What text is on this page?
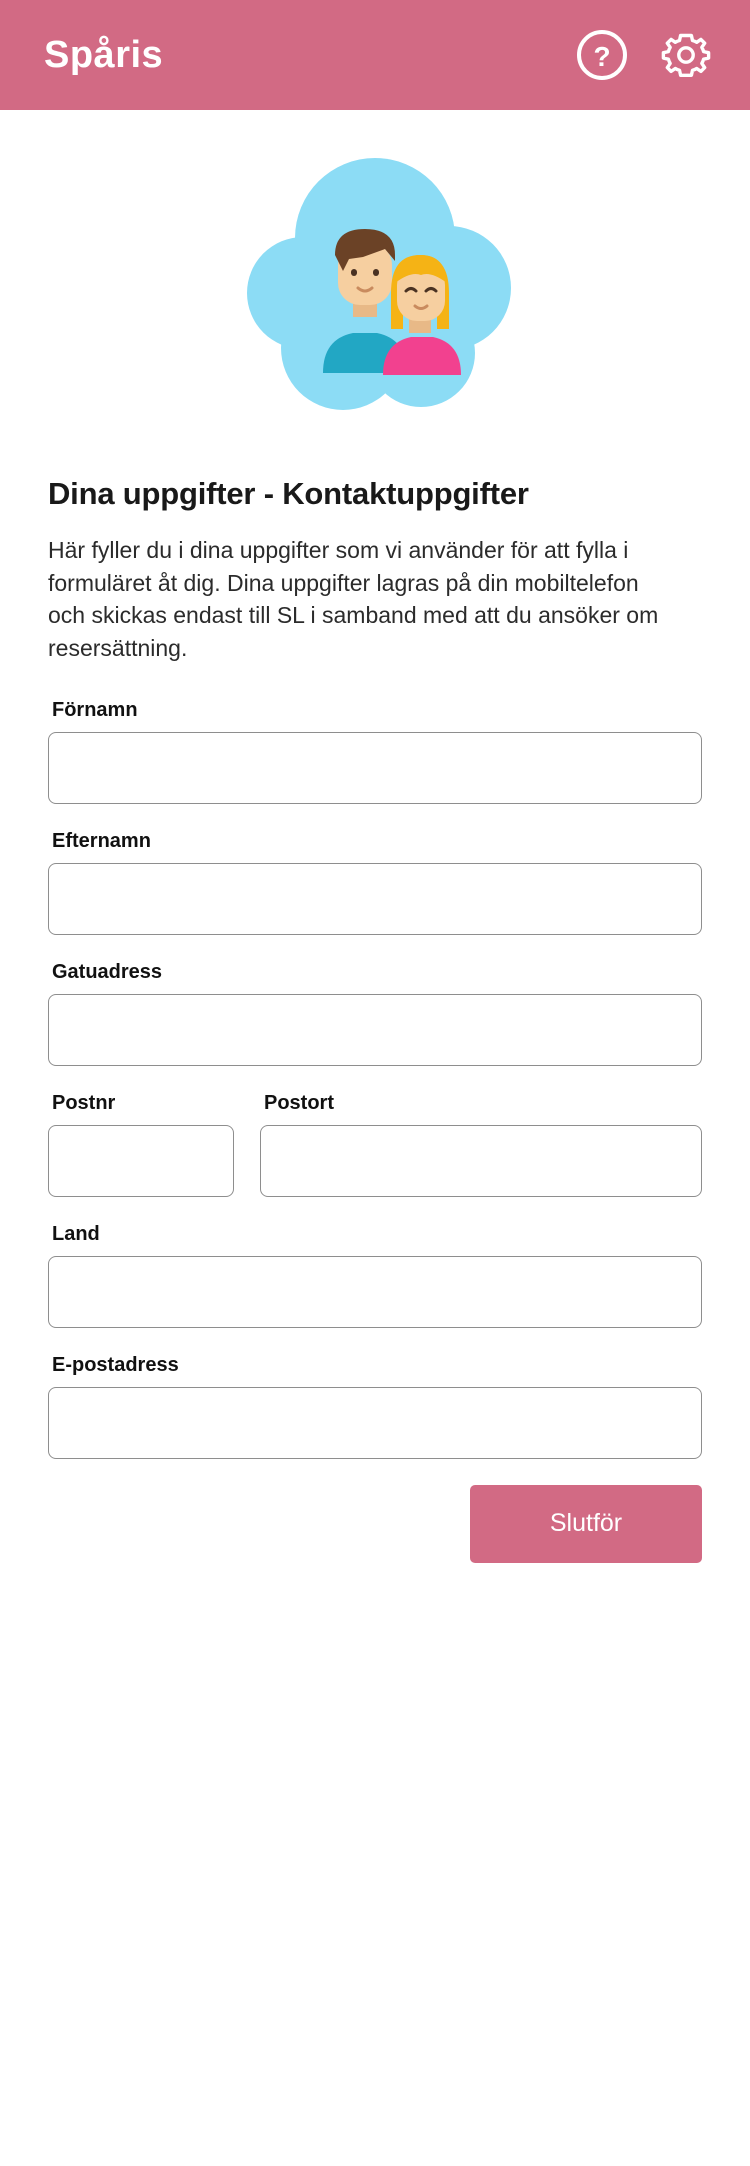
Spåris	?
Dina uppgifter - Kontaktuppgifter

Här fyller du i dina uppgifter som vi använder för att fylla i formuläret åt dig. Dina uppgifter lagras på din mobiltelefon och skickas endast till SL i samband med att du ansöker om resersättning.

Förnamn
Efternamn
Gatuadress
Postnr	Postort
Land
E-postadress
Slutför
